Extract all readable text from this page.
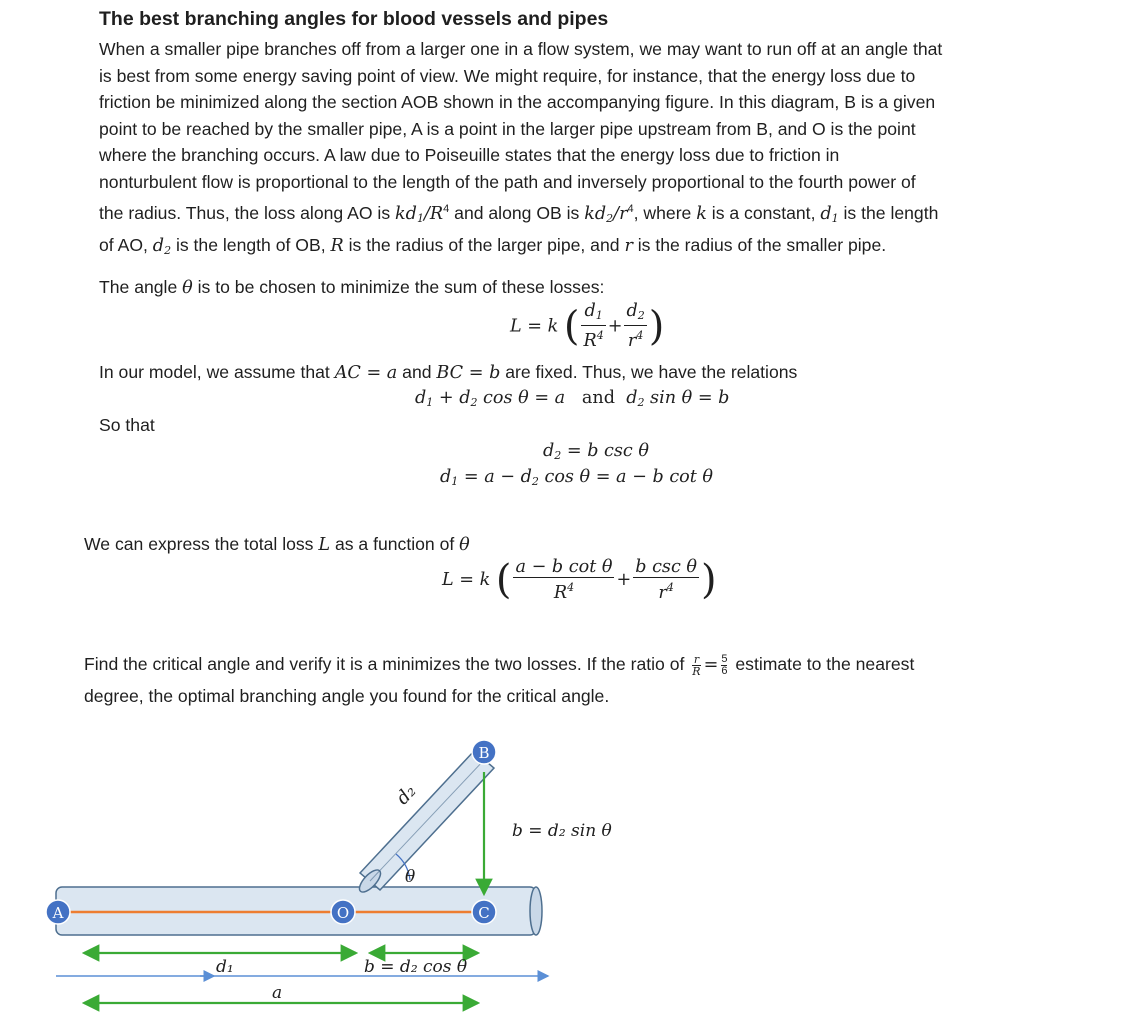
The best branching angles for blood vessels and pipes
When a smaller pipe branches off from a larger one in a flow system, we may want to run off at an angle that
is best from some energy saving point of view. We might require, for instance, that the energy loss due to
friction be minimized along the section AOB shown in the accompanying figure. In this diagram, B is a given
point to be reached by the smaller pipe, A is a point in the larger pipe upstream from B, and O is the point
where the branching occurs. A law due to Poiseuille states that the energy loss due to friction in
nonturbulent flow is proportional to the length of the path and inversely proportional to the fourth power of
the radius. Thus, the loss along AO is $kd_1/R^4$ and along OB is $kd_2/r^4$, where k is a constant, $d_1$ is the length
of AO, $d_2$ is the length of OB, R is the radius of the larger pipe, and r is the radius of the smaller pipe.
The angle θ is to be chosen to minimize the sum of these losses:
L = k ( $\frac{d_1}{R^4} + \frac{d_2}{r^4}$ )
In our model, we assume that AC = a and BC = b are fixed. Thus, we have the relations
$d_1 + d_2$ cos θ = a and $d_2$ sin θ = b
So that
$d_2 = b$ csc θ
$d_1 = a - d_2$ cos θ = a − b cot θ
We can express the total loss L as a function of θ
L = k ( $\frac{\text{a − b cot θ}}{R^4} + \frac{\text{b csc θ}}{r^4}$ )
Find the critical angle and verify it is a minimizes the two losses. If the ratio of $\frac{r}{R} = \frac{5}{6}$ estimate to the nearest
degree, the optimal branching angle you found for the critical angle.
A	O	C
B
d₂
θ
b = d₂ sin θ
d₁	b = d₂ cos θ
a
